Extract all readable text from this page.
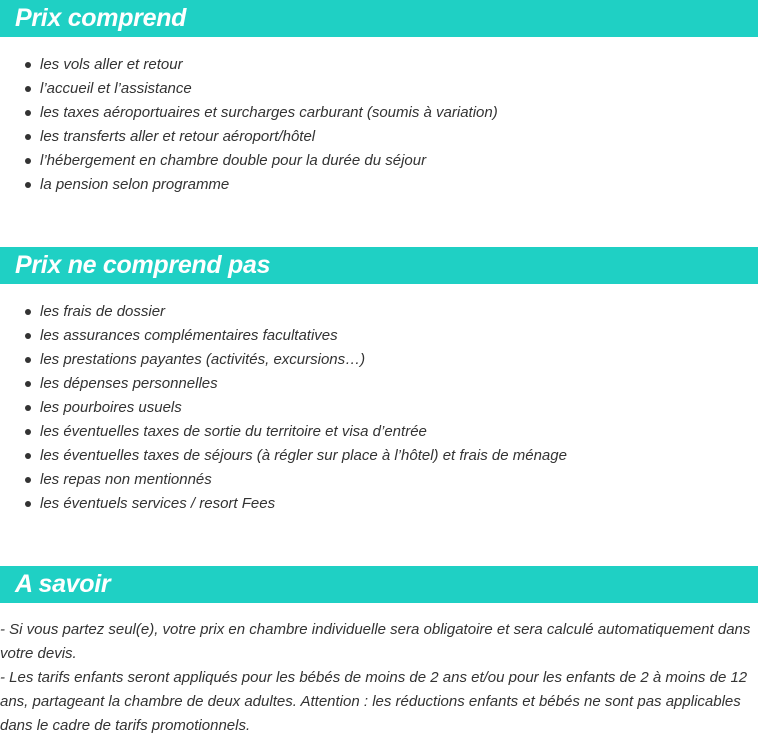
Prix comprend
les vols aller et retour
l’accueil et l’assistance
les taxes aéroportuaires et surcharges carburant (soumis à variation)
les transferts aller et retour aéroport/hôtel
l’hébergement en chambre double pour la durée du séjour
la pension selon programme
Prix ne comprend pas
les frais de dossier
les assurances complémentaires facultatives
les prestations payantes (activités, excursions…)
les dépenses personnelles
les pourboires usuels
les éventuelles taxes de sortie du territoire et visa d’entrée
les éventuelles taxes de séjours (à régler sur place à l’hôtel) et frais de ménage
les repas non mentionnés
les éventuels services / resort Fees
A savoir

- Si vous partez seul(e), votre prix en chambre individuelle sera obligatoire et sera calculé automatiquement dans votre devis.

- Les tarifs enfants seront appliqués pour les bébés de moins de 2 ans et/ou pour les enfants de 2 à moins de 12 ans, partageant la chambre de deux adultes. Attention : les réductions enfants et bébés ne sont pas applicables dans le cadre de tarifs promotionnels.
